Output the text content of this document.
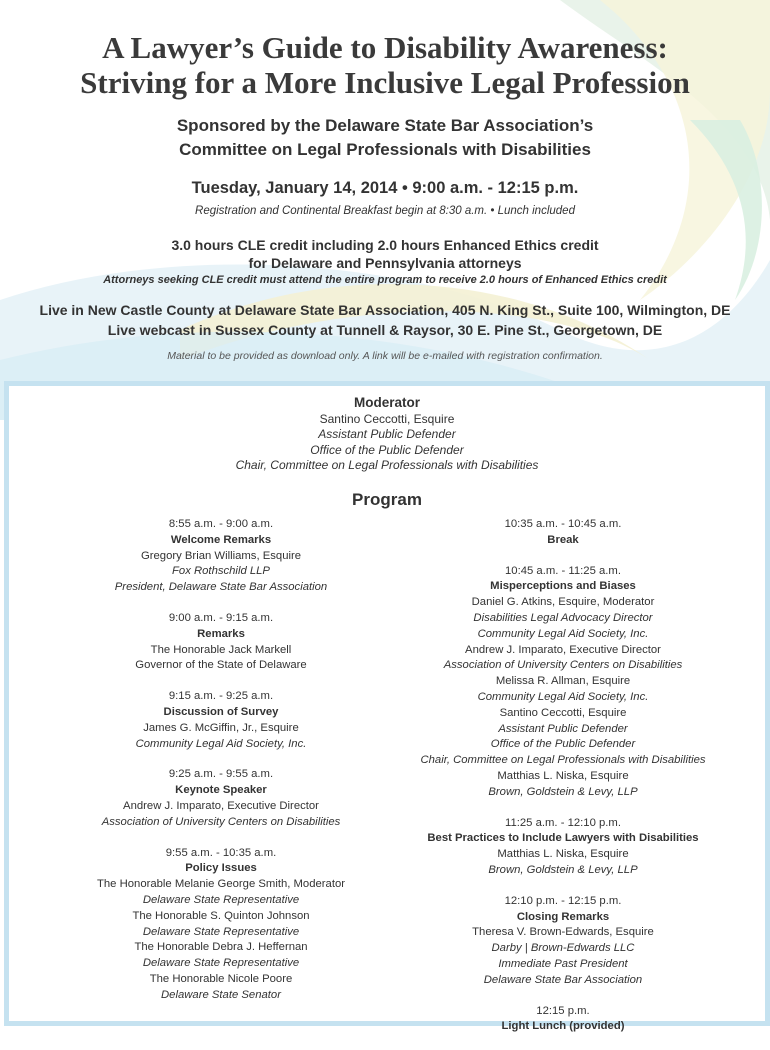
A Lawyer’s Guide to Disability Awareness:
Striving for a More Inclusive Legal Profession
Sponsored by the Delaware State Bar Association’s
Committee on Legal Professionals with Disabilities
Tuesday, January 14, 2014 • 9:00 a.m. - 12:15 p.m.
Registration and Continental Breakfast begin at 8:30 a.m. • Lunch included
3.0 hours CLE credit including 2.0 hours Enhanced Ethics credit
for Delaware and Pennsylvania attorneys
Attorneys seeking CLE credit must attend the entire program to receive 2.0 hours of Enhanced Ethics credit
Live in New Castle County at Delaware State Bar Association, 405 N. King St., Suite 100, Wilmington, DE
Live webcast in Sussex County at Tunnell & Raysor, 30 E. Pine St., Georgetown, DE
Material to be provided as download only. A link will be e-mailed with registration confirmation.
Moderator
Santino Ceccotti, Esquire
Assistant Public Defender
Office of the Public Defender
Chair, Committee on Legal Professionals with Disabilities
Program
8:55 a.m. - 9:00 a.m.
Welcome Remarks
Gregory Brian Williams, Esquire
Fox Rothschild LLP
President, Delaware State Bar Association
9:00 a.m. - 9:15 a.m.
Remarks
The Honorable Jack Markell
Governor of the State of Delaware
9:15 a.m. - 9:25 a.m.
Discussion of Survey
James G. McGiffin, Jr., Esquire
Community Legal Aid Society, Inc.
9:25 a.m. - 9:55 a.m.
Keynote Speaker
Andrew J. Imparato, Executive Director
Association of University Centers on Disabilities
9:55 a.m. - 10:35 a.m.
Policy Issues
The Honorable Melanie George Smith, Moderator
Delaware State Representative
The Honorable S. Quinton Johnson
Delaware State Representative
The Honorable Debra J. Heffernan
Delaware State Representative
The Honorable Nicole Poore
Delaware State Senator
10:35 a.m. - 10:45 a.m.
Break
10:45 a.m. - 11:25 a.m.
Misperceptions and Biases
Daniel G. Atkins, Esquire, Moderator
Disabilities Legal Advocacy Director
Community Legal Aid Society, Inc.
Andrew J. Imparato, Executive Director
Association of University Centers on Disabilities
Melissa R. Allman, Esquire
Community Legal Aid Society, Inc.
Santino Ceccotti, Esquire
Assistant Public Defender
Office of the Public Defender
Chair, Committee on Legal Professionals with Disabilities
Matthias L. Niska, Esquire
Brown, Goldstein & Levy, LLP
11:25 a.m. - 12:10 p.m.
Best Practices to Include Lawyers with Disabilities
Matthias L. Niska, Esquire
Brown, Goldstein & Levy, LLP
12:10 p.m. - 12:15 p.m.
Closing Remarks
Theresa V. Brown-Edwards, Esquire
Darby | Brown-Edwards LLC
Immediate Past President
Delaware State Bar Association
12:15 p.m.
Light Lunch (provided)
